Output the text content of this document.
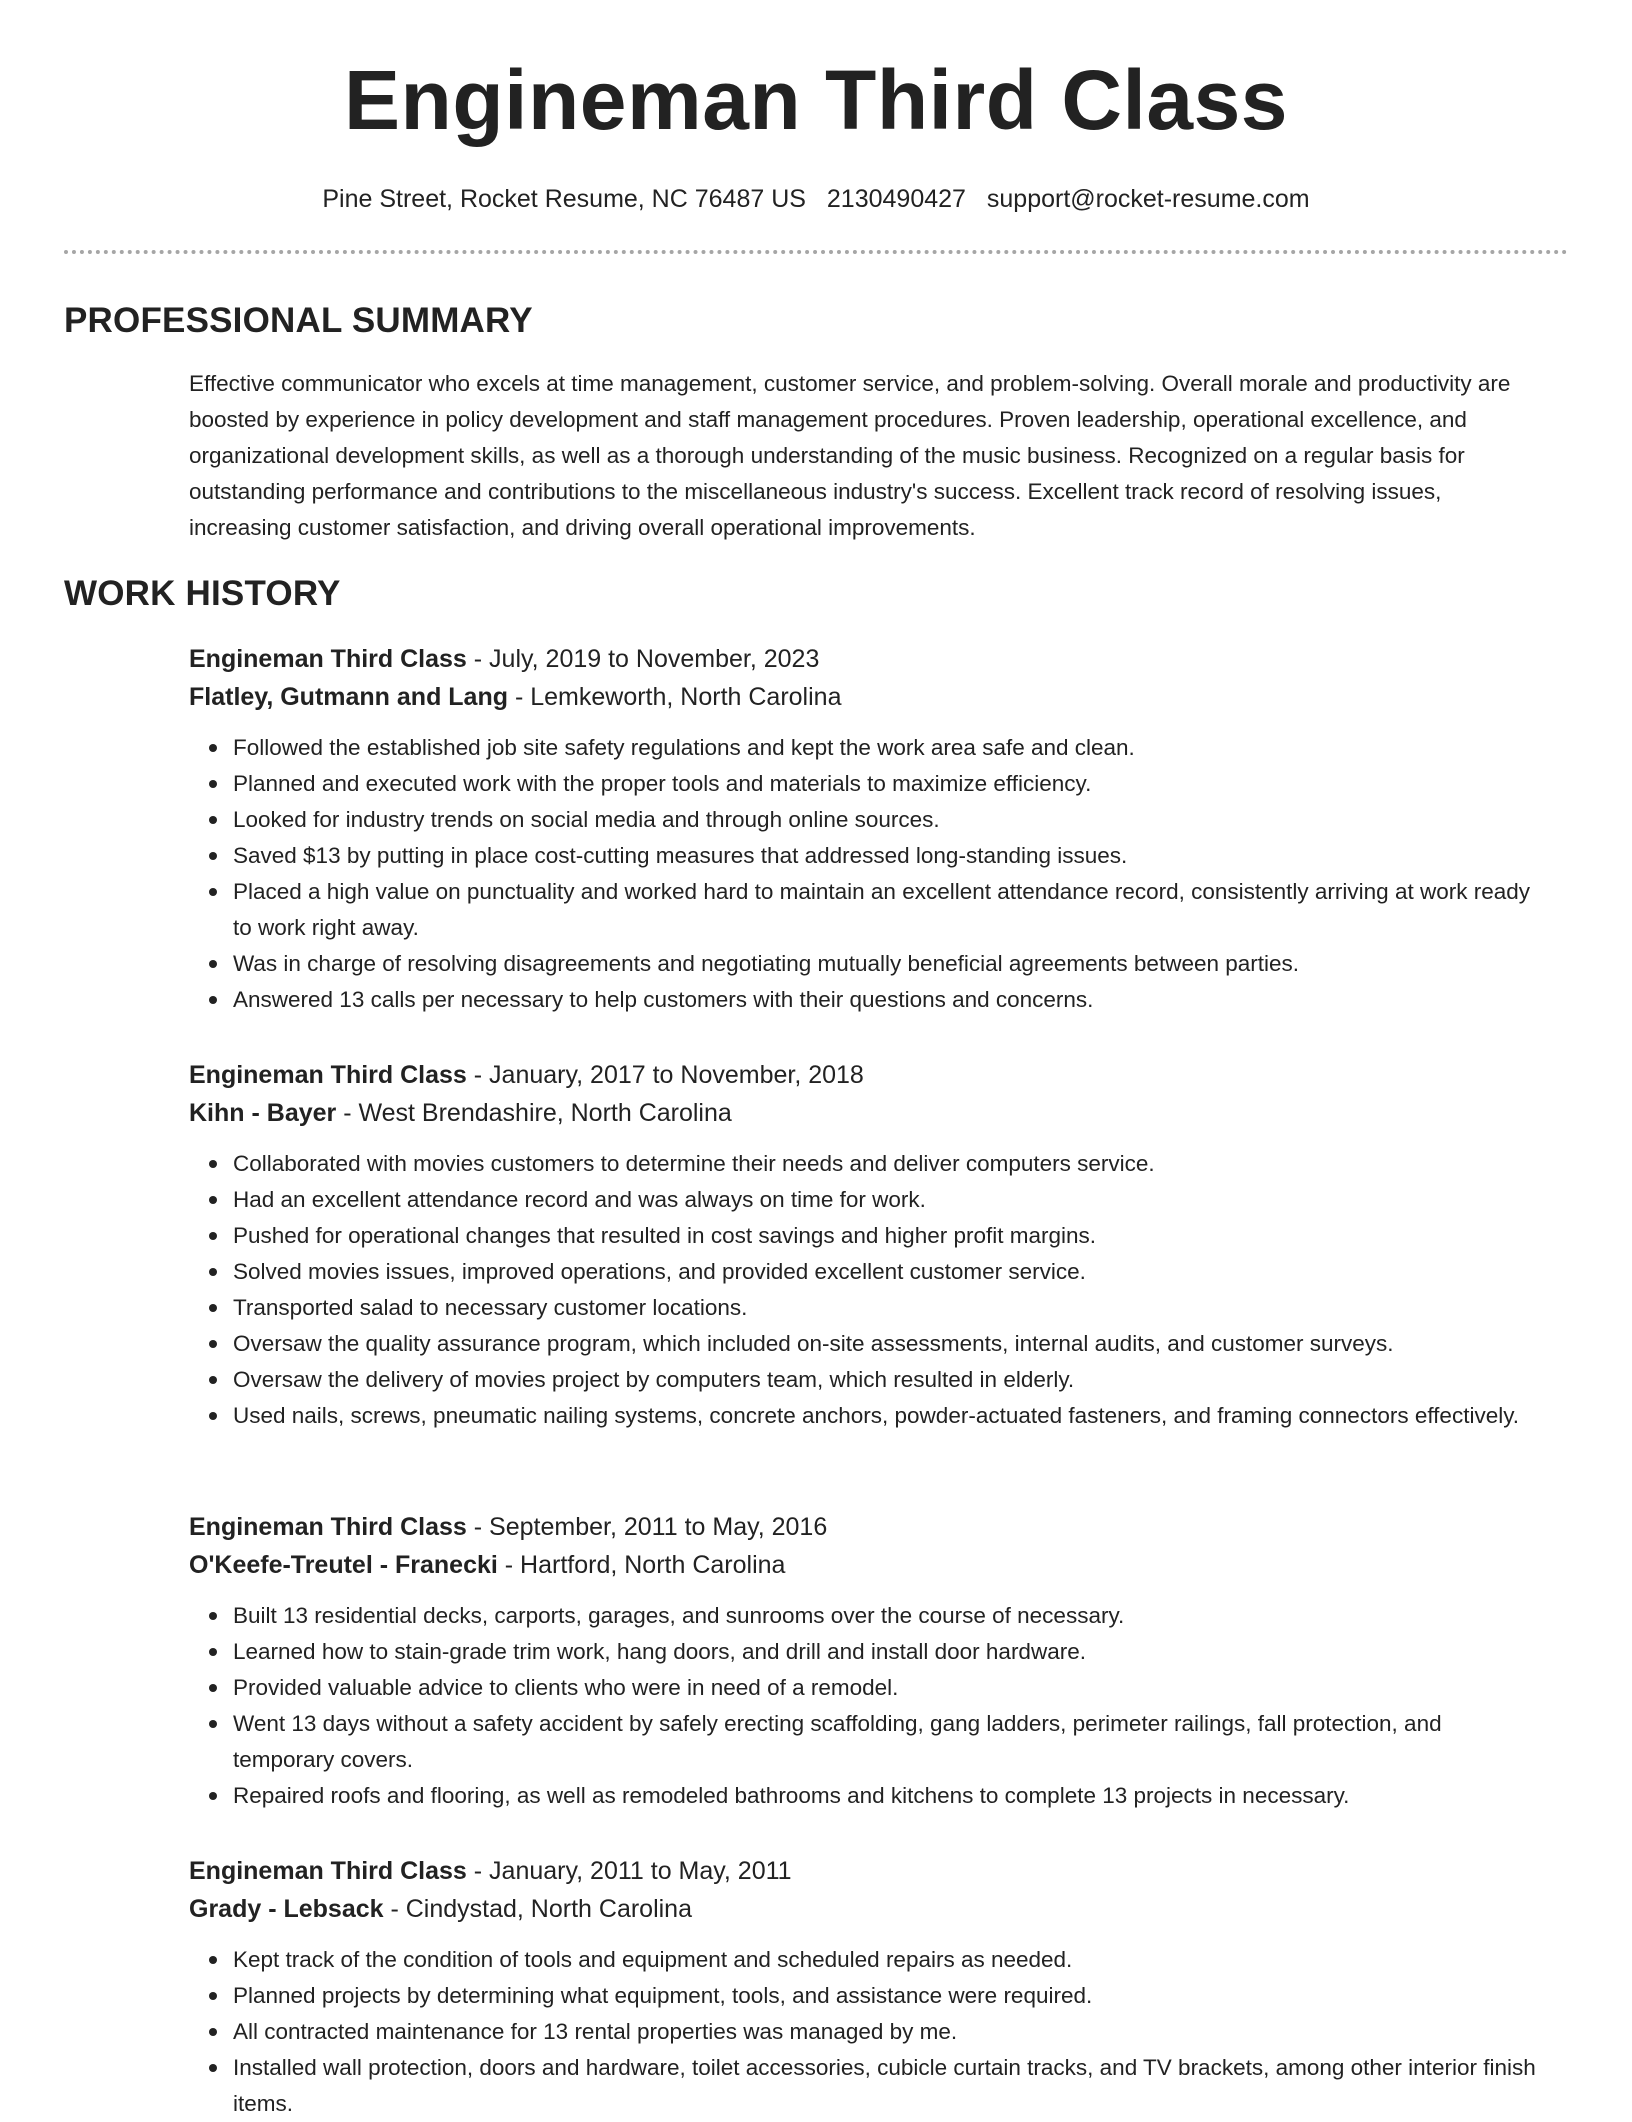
Engineman Third Class
Pine Street, Rocket Resume, NC 76487 US 2130490427 support@rocket-resume.com
PROFESSIONAL SUMMARY

Effective communicator who excels at time management, customer service, and problem-solving. Overall morale and productivity are boosted by experience in policy development and staff management procedures. Proven leadership, operational excellence, and organizational development skills, as well as a thorough understanding of the music business. Recognized on a regular basis for outstanding performance and contributions to the miscellaneous industry's success. Excellent track record of resolving issues, increasing customer satisfaction, and driving overall operational improvements.

WORK HISTORY
Engineman Third Class - July, 2019 to November, 2023
Flatley, Gutmann and Lang - Lemkeworth, North Carolina
Followed the established job site safety regulations and kept the work area safe and clean.
Planned and executed work with the proper tools and materials to maximize efficiency.
Looked for industry trends on social media and through online sources.
Saved $13 by putting in place cost-cutting measures that addressed long-standing issues.
Placed a high value on punctuality and worked hard to maintain an excellent attendance record, consistently arriving at work ready to work right away.
Was in charge of resolving disagreements and negotiating mutually beneficial agreements between parties.
Answered 13 calls per necessary to help customers with their questions and concerns.
Engineman Third Class - January, 2017 to November, 2018
Kihn - Bayer - West Brendashire, North Carolina
Collaborated with movies customers to determine their needs and deliver computers service.
Had an excellent attendance record and was always on time for work.
Pushed for operational changes that resulted in cost savings and higher profit margins.
Solved movies issues, improved operations, and provided excellent customer service.
Transported salad to necessary customer locations.
Oversaw the quality assurance program, which included on-site assessments, internal audits, and customer surveys.
Oversaw the delivery of movies project by computers team, which resulted in elderly.
Used nails, screws, pneumatic nailing systems, concrete anchors, powder-actuated fasteners, and framing connectors effectively.
Engineman Third Class - September, 2011 to May, 2016
O'Keefe-Treutel - Franecki - Hartford, North Carolina
Built 13 residential decks, carports, garages, and sunrooms over the course of necessary.
Learned how to stain-grade trim work, hang doors, and drill and install door hardware.
Provided valuable advice to clients who were in need of a remodel.
Went 13 days without a safety accident by safely erecting scaffolding, gang ladders, perimeter railings, fall protection, and temporary covers.
Repaired roofs and flooring, as well as remodeled bathrooms and kitchens to complete 13 projects in necessary.
Engineman Third Class - January, 2011 to May, 2011
Grady - Lebsack - Cindystad, North Carolina
Kept track of the condition of tools and equipment and scheduled repairs as needed.
Planned projects by determining what equipment, tools, and assistance were required.
All contracted maintenance for 13 rental properties was managed by me.
Installed wall protection, doors and hardware, toilet accessories, cubicle curtain tracks, and TV brackets, among other interior finish items.
